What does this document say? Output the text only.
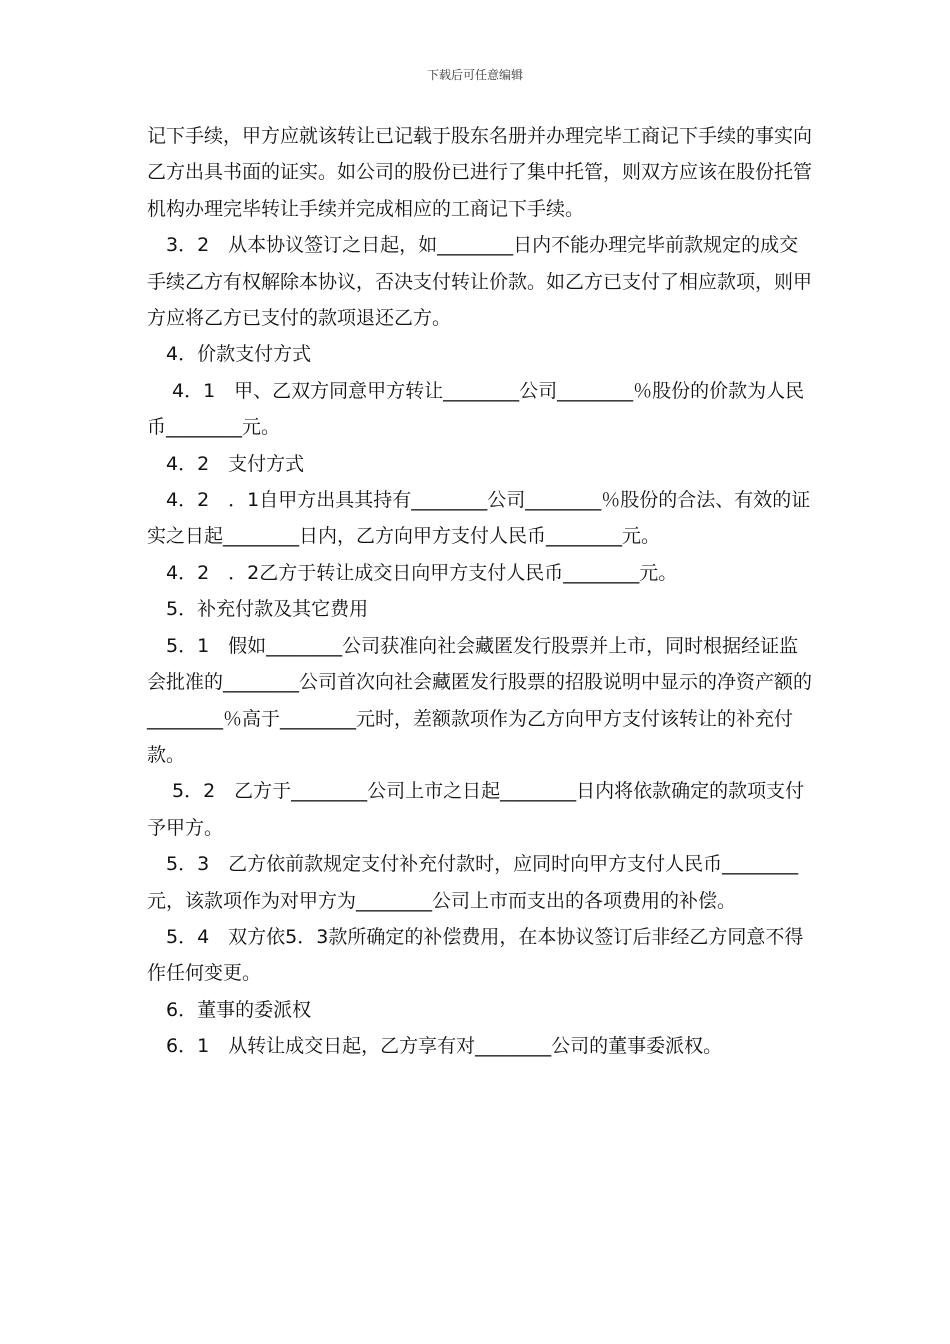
下载后可任意编辑

记下手续，甲方应就该转让已记载于股东名册并办理完毕工商记下手续的事实向乙方出具书面的证实。如公司的股份已进行了集中托管，则双方应该在股份托管机构办理完毕转让手续并完成相应的工商记下手续。

3．2　从本协议签订之日起，如________日内不能办理完毕前款规定的成交手续乙方有权解除本协议，否决支付转让价款。如乙方已支付了相应款项，则甲方应将乙方已支付的款项退还乙方。

4．价款支付方式

4．1　甲、乙双方同意甲方转让________公司________％股份的价款为人民币________元。

4．2　支付方式

4．2　．1自甲方出具其持有________公司________％股份的合法、有效的证实之日起________日内，乙方向甲方支付人民币________元。

4．2　．2乙方于转让成交日向甲方支付人民币________元。

5．补充付款及其它费用

5．1　假如________公司获准向社会藏匿发行股票并上市，同时根据经证监会批准的________公司首次向社会藏匿发行股票的招股说明中显示的净资产额的________％高于________元时，差额款项作为乙方向甲方支付该转让的补充付款。

5．2　乙方于________公司上市之日起________日内将依款确定的款项支付予甲方。

5．3　乙方依前款规定支付补充付款时，应同时向甲方支付人民币________元，该款项作为对甲方为________公司上市而支出的各项费用的补偿。

5．4　双方依5．3款所确定的补偿费用，在本协议签订后非经乙方同意不得作任何变更。

6．董事的委派权

6．1　从转让成交日起，乙方享有对________公司的董事委派权。
